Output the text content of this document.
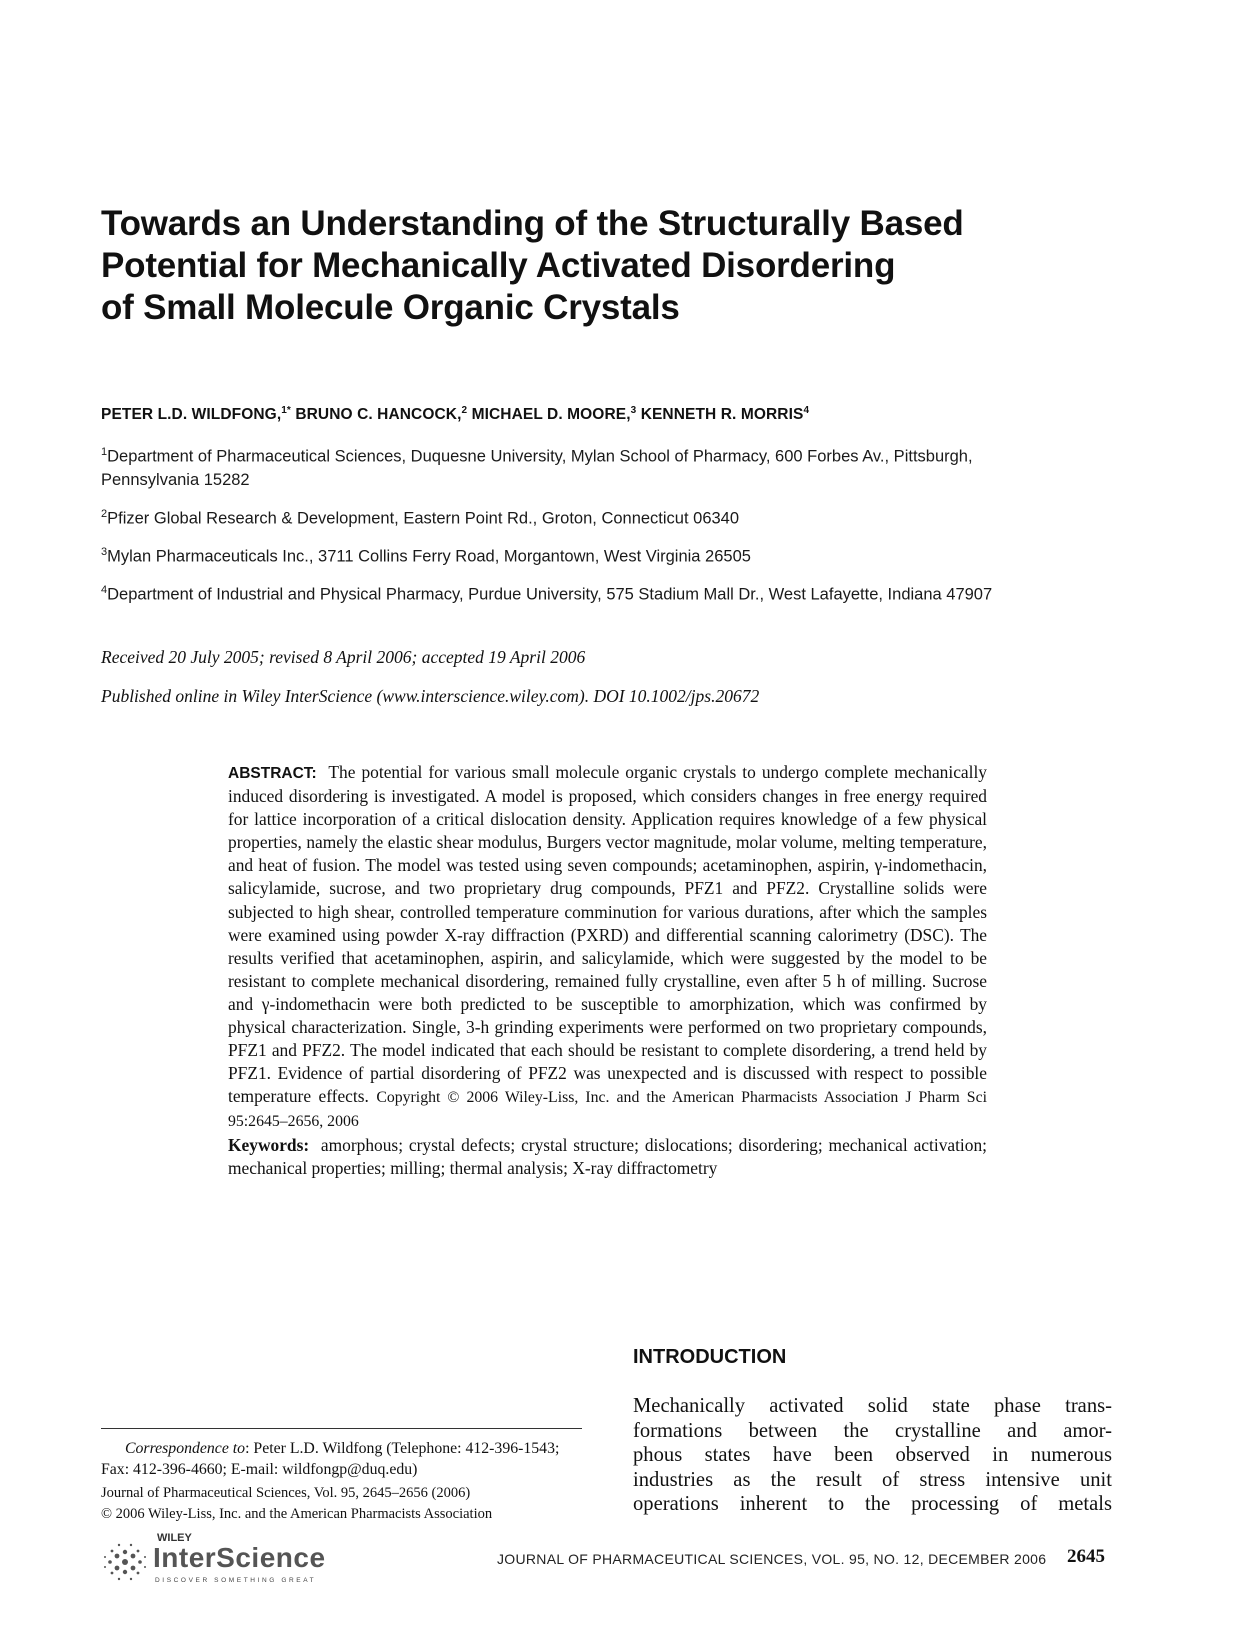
Towards an Understanding of the Structurally Based
Potential for Mechanically Activated Disordering
of Small Molecule Organic Crystals
PETER L.D. WILDFONG,$^{1*}$ BRUNO C. HANCOCK,$^2$ MICHAEL D. MOORE,$^3$ KENNETH R. MORRIS$^4$
$^1$Department of Pharmaceutical Sciences, Duquesne University, Mylan School of Pharmacy, 600 Forbes Av., Pittsburgh,
Pennsylvania 15282
$^2$Pfizer Global Research & Development, Eastern Point Rd., Groton, Connecticut 06340
$^3$Mylan Pharmaceuticals Inc., 3711 Collins Ferry Road, Morgantown, West Virginia 26505
$^4$Department of Industrial and Physical Pharmacy, Purdue University, 575 Stadium Mall Dr., West Lafayette, Indiana 47907
Received 20 July 2005; revised 8 April 2006; accepted 19 April 2006
Published online in Wiley InterScience (www.interscience.wiley.com). DOI 10.1002/jps.20672
ABSTRACT: The potential for various small molecule organic crystals to undergo complete mechanically induced disordering is investigated. A model is proposed, which considers changes in free energy required for lattice incorporation of a critical dislocation density. Application requires knowledge of a few physical properties, namely the elastic shear modulus, Burgers vector magnitude, molar volume, melting temperature, and heat of fusion. The model was tested using seven compounds; acetaminophen, aspirin, γ-indomethacin, salicylamide, sucrose, and two proprietary drug compounds, PFZ1 and PFZ2. Crystalline solids were subjected to high shear, controlled temperature comminution for various durations, after which the samples were examined using powder X-ray diffraction (PXRD) and differential scanning calorimetry (DSC). The results verified that acetaminophen, aspirin, and salicylamide, which were suggested by the model to be resistant to complete mechanical disordering, remained fully crystalline, even after 5 h of milling. Sucrose and γ-indomethacin were both predicted to be susceptible to amorphization, which was confirmed by physical characterization. Single, 3-h grinding experiments were performed on two proprietary compounds, PFZ1 and PFZ2. The model indicated that each should be resistant to complete disordering, a trend held by PFZ1. Evidence of partial disordering of PFZ2 was unexpected and is discussed with respect to possible temperature effects. Copyright © 2006 Wiley-Liss, Inc. and the American Pharmacists Association J Pharm Sci 95:2645–2656, 2006
Keywords: amorphous; crystal defects; crystal structure; dislocations; disordering; mechanical activation; mechanical properties; milling; thermal analysis; X-ray diffractometry
INTRODUCTION
Mechanically activated solid state phase trans-
formations between the crystalline and amor-
phous states have been observed in numerous
industries as the result of stress intensive unit
operations inherent to the processing of metals
Correspondence to: Peter L.D. Wildfong (Telephone: 412-396-1543; Fax: 412-396-4660; E-mail: wildfongp@duq.edu)
Journal of Pharmaceutical Sciences, Vol. 95, 2645–2656 (2006)
© 2006 Wiley-Liss, Inc. and the American Pharmacists Association
WILEY
InterScience
DISCOVER SOMETHING GREAT
JOURNAL OF PHARMACEUTICAL SCIENCES, VOL. 95, NO. 12, DECEMBER 2006 2645
